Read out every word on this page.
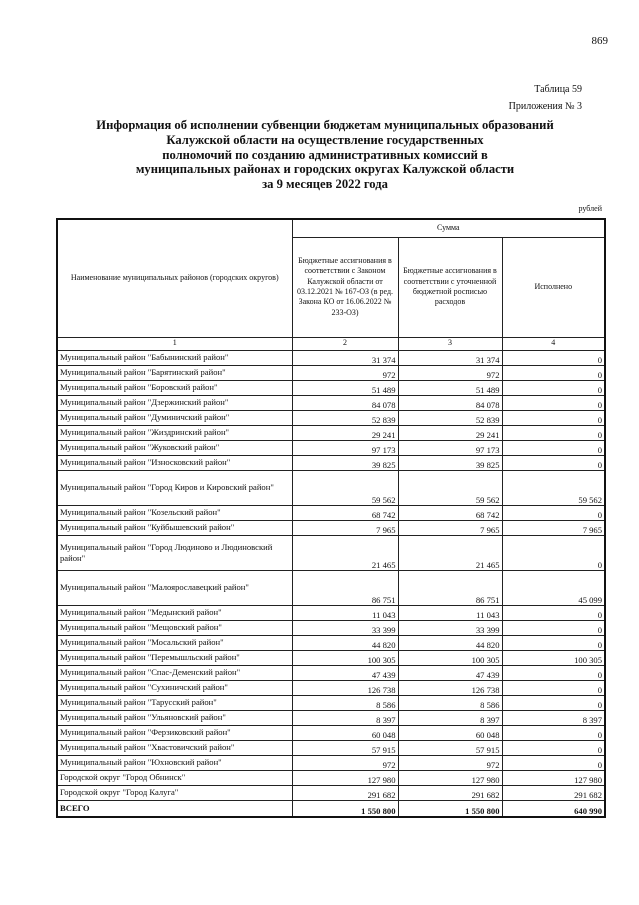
869
Таблица 59
Приложения № 3
Информация об исполнении субвенции бюджетам муниципальных образований
Калужской области на осуществление государственных
полномочий по созданию административных комиссий в
муниципальных районах и городских округах Калужской области
за 9 месяцев 2022 года
рублей
Наименование муниципальных районов (городских округов)	Сумма		
	Бюджетные ассигнования в соответствии с Законом Калужской области от 03.12.2021 № 167-ОЗ (в ред. Закона КО от 16.06.2022 № 233-ОЗ)	Бюджетные ассигнования в соответствии с уточненной бюджетной росписью расходов	Исполнено
1	2	3	4
Муниципальный район "Бабынинский район"	31 374	31 374	0
Муниципальный район "Барятинский район"	972	972	0
Муниципальный район "Боровский район"	51 489	51 489	0
Муниципальный район "Дзержинский район"	84 078	84 078	0
Муниципальный район "Думиничский район"	52 839	52 839	0
Муниципальный район "Жиздринский район"	29 241	29 241	0
Муниципальный район "Жуковский район"	97 173	97 173	0
Муниципальный район "Износковский район"	39 825	39 825	0
Муниципальный район "Город Киров и Кировский район"	59 562	59 562	59 562
Муниципальный район "Козельский район"	68 742	68 742	0
Муниципальный район "Куйбышевский район"	7 965	7 965	7 965
Муниципальный район "Город Людиново и Людиновский район"	21 465	21 465	0
Муниципальный район "Малоярославецкий район"	86 751	86 751	45 099
Муниципальный район "Медынский район"	11 043	11 043	0
Муниципальный район "Мещовский район"	33 399	33 399	0
Муниципальный район "Мосальский район"	44 820	44 820	0
Муниципальный район "Перемышльский район"	100 305	100 305	100 305
Муниципальный район "Спас-Деменский район"	47 439	47 439	0
Муниципальный район "Сухиничский район"	126 738	126 738	0
Муниципальный район "Тарусский район"	8 586	8 586	0
Муниципальный район "Ульяновский район"	8 397	8 397	8 397
Муниципальный район "Ферзиковский район"	60 048	60 048	0
Муниципальный район "Хвастовичский район"	57 915	57 915	0
Муниципальный район "Юхновский район"	972	972	0
Городской округ "Город Обнинск"	127 980	127 980	127 980
Городской округ "Город Калуга"	291 682	291 682	291 682
ВСЕГО	1 550 800	1 550 800	640 990
